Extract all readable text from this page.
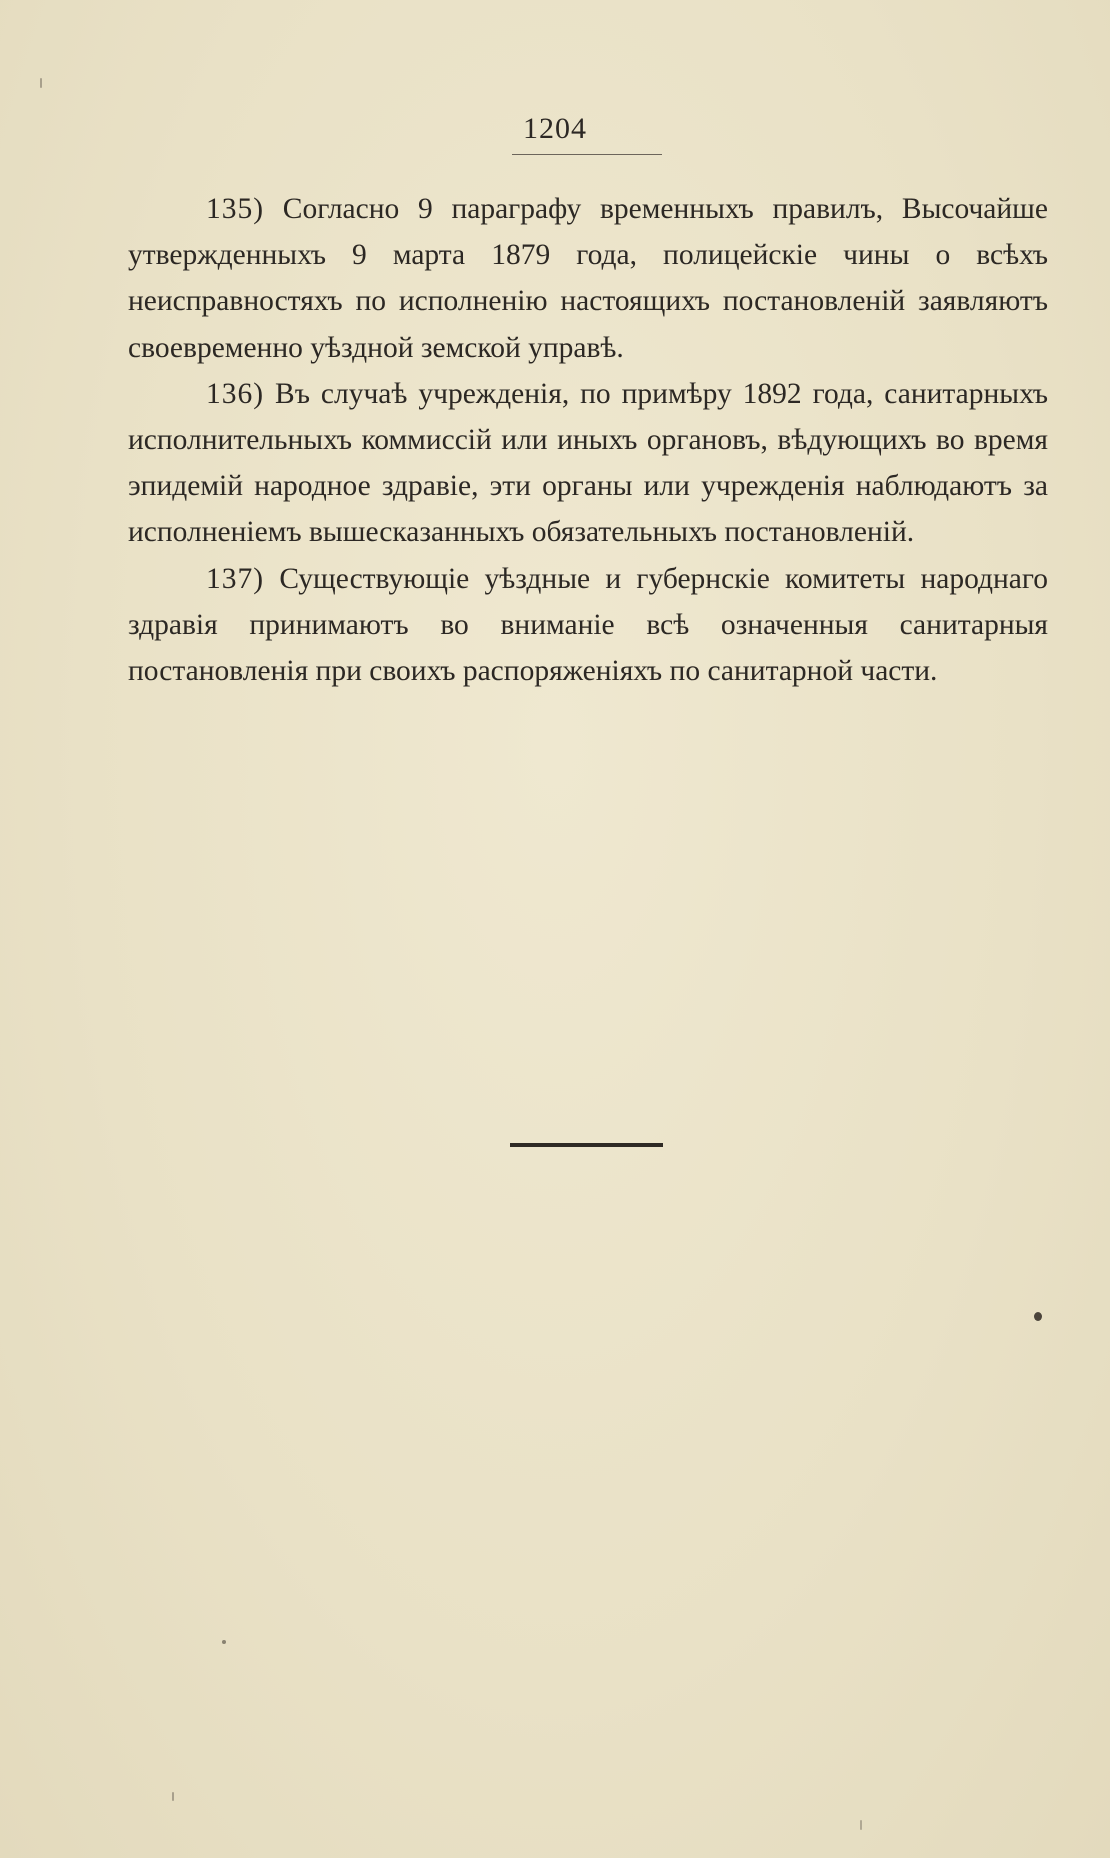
1204

135) Согласно 9 параграфу временныхъ правилъ, Высочайше утвержденныхъ 9 марта 1879 года, полицейскіе чины о всѣхъ неисправностяхъ по исполненію настоящихъ постановленій заявляютъ своевременно уѣздной земской управѣ.

136) Въ случаѣ учрежденія, по примѣру 1892 года, санитарныхъ исполнительныхъ коммиссій или иныхъ органовъ, вѣдующихъ во время эпидемій народное здравіе, эти органы или учрежденія наблюдаютъ за исполненіемъ вышесказанныхъ обязательныхъ постановленій.

137) Существующіе уѣздные и губернскіе комитеты народнаго здравія принимаютъ во вниманіе всѣ означенныя санитарныя постановленія при своихъ распоряженіяхъ по санитарной части.
